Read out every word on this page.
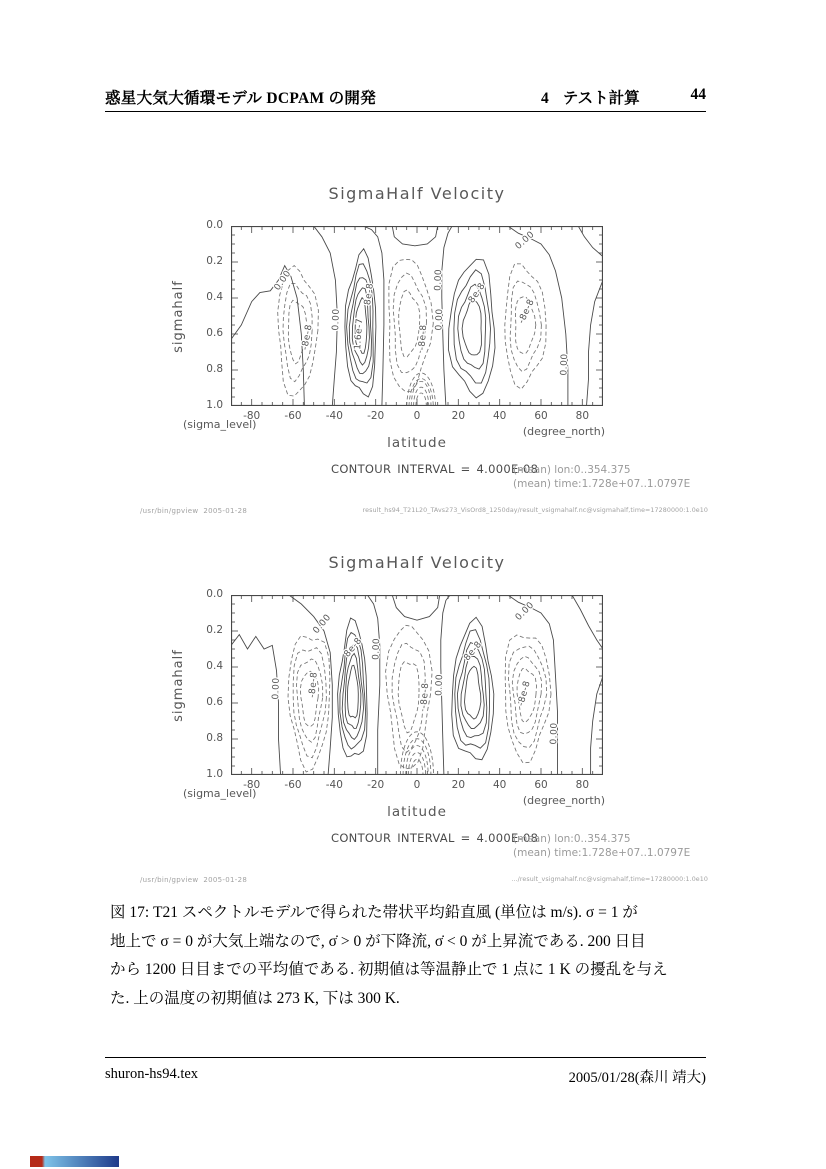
惑星大気大循環モデル DCPAM の開発	4 テスト計算	44
SigmaHalf Velocity
sigmahalf
0.0
0.2
0.4
0.6
0.8
1.0
0.00
-8e-8
0.00
8e-8
1.6e-7	-8e-8
0.00
0.00
8e-8
-8e-8
0.00
0.00
-80	-60	-40	-20	0	20	40	60	80
(sigma_level)
(degree_north)
latitude
CONTOUR INTERVAL = 4.000E-08
(mean) lon:0..354.375
(mean) time:1.728e+07..1.0797E
/usr/bin/gpview  2005-01-28	result_hs94_T21L20_TAvs273_VisOrd8_1250day/result_vsigmahalf.nc@vsigmahalf,time=17280000:1.0e10
SigmaHalf Velocity
sigmahalf
0.0
0.2
0.4
0.6
0.8
1.0
0.00	-8e-8
0.00
8e-8 0.00
-8e-8 0.00
8e-8
-8e-8
0.00
0.00
-80	-60	-40	-20	0	20	40	60	80
(sigma_level)
(degree_north)
latitude
CONTOUR INTERVAL = 4.000E-08
(mean) lon:0..354.375
(mean) time:1.728e+07..1.0797E
/usr/bin/gpview  2005-01-28	.../result_vsigmahalf.nc@vsigmahalf,time=17280000:1.0e10
図 17: T21 スペクトルモデルで得られた帯状平均鉛直風 (単位は m/s). σ = 1 が
地上で σ = 0 が大気上端なので, σ̇ > 0 が下降流, σ̇ < 0 が上昇流である. 200 日目
から 1200 日目までの平均値である. 初期値は等温静止で 1 点に 1 K の擾乱を与え
た. 上の温度の初期値は 273 K, 下は 300 K.
shuron-hs94.tex	2005/01/28(森川 靖大)
